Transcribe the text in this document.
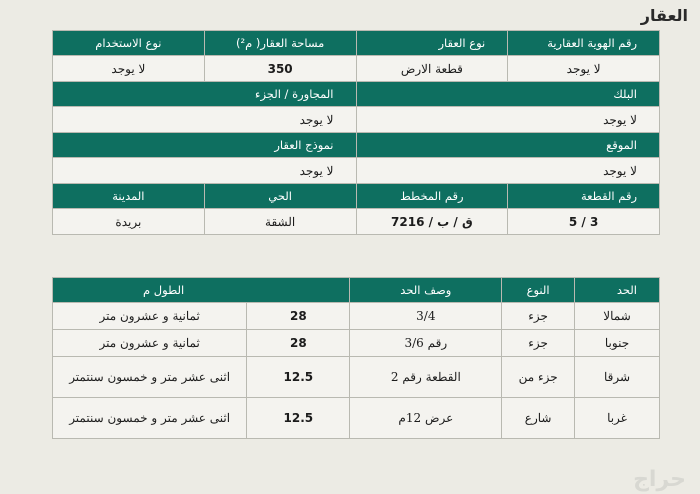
العقار
رقم الهوية العقارية	نوع العقار	مساحة العقار( م²)	نوع الاستخدام
لا يوجد	قطعة الارض	350	لا يوجد
البلك		المجاورة / الجزء	
لا يوجد		لا يوجد	
الموقع		نموذج العقار	
لا يوجد		لا يوجد	
رقم القطعة	رقم المخطط	الحي	المدينة
3 / 5	ق / ب / 7216	الشقة	بريدة
الحد	النوع	وصف الحد	الطول م	
شمالا	جزء	3/4	28	ثمانية و عشرون متر
جنوبا	جزء	رقم 3/6	28	ثمانية و عشرون متر
شرقا	جزء من	القطعة رقم 2	12.5	اثنى عشر متر و خمسون سنتمتر
غربا	شارع	عرض 12م	12.5	اثنى عشر متر و خمسون سنتمتر
حراج
